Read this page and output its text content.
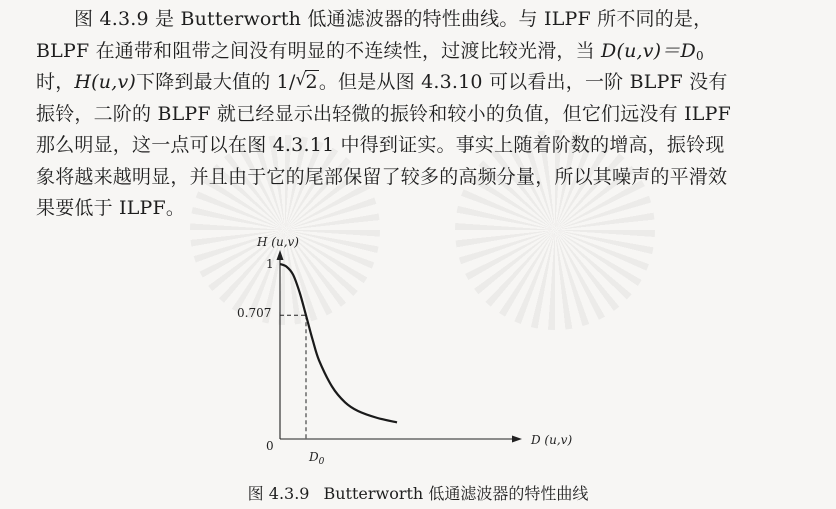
图 4.3.9 是 Butterworth 低通滤波器的特性曲线。与 ILPF 所不同的是，
BLPF 在通带和阻带之间没有明显的不连续性，过渡比较光滑，当 $D(u,v)=D_0$
时，H(u,v)下降到最大值的 1/ √
2。但是从图 4.3.10 可以看出，一阶 BLPF 没有
振铃，二阶的 BLPF 就已经显示出轻微的振铃和较小的负值，但它们远没有 ILPF
那么明显，这一点可以在图 4.3.11 中得到证实。事实上随着阶数的增高，振铃现
象将越来越明显，并且由于它的尾部保留了较多的高频分量，所以其噪声的平滑效
果要低于 ILPF。

H (u,v)
D (u,v)
1
0.707
0
$D_0$
图 4.3.9 Butterworth 低通滤波器的特性曲线
